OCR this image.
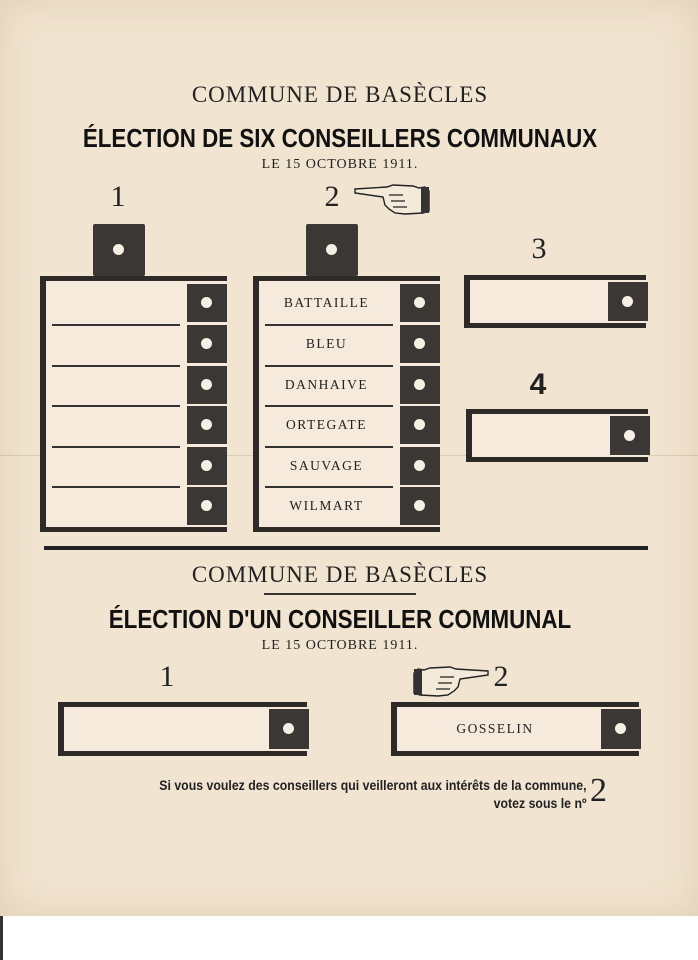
COMMUNE DE BASÈCLES
ÉLECTION DE SIX CONSEILLERS COMMUNAUX
LE 15 OCTOBRE 1911.
1	2
BATTAILLE
BLEU
DANHAIVE
ORTEGATE
SAUVAGE
WILMART
3
4
COMMUNE DE BASÈCLES
ÉLECTION D'UN CONSEILLER COMMUNAL
LE 15 OCTOBRE 1911.
1	2
GOSSELIN
Si vous voulez des conseillers qui veilleront aux intérêts de la commune,
votez sous le nº 2
